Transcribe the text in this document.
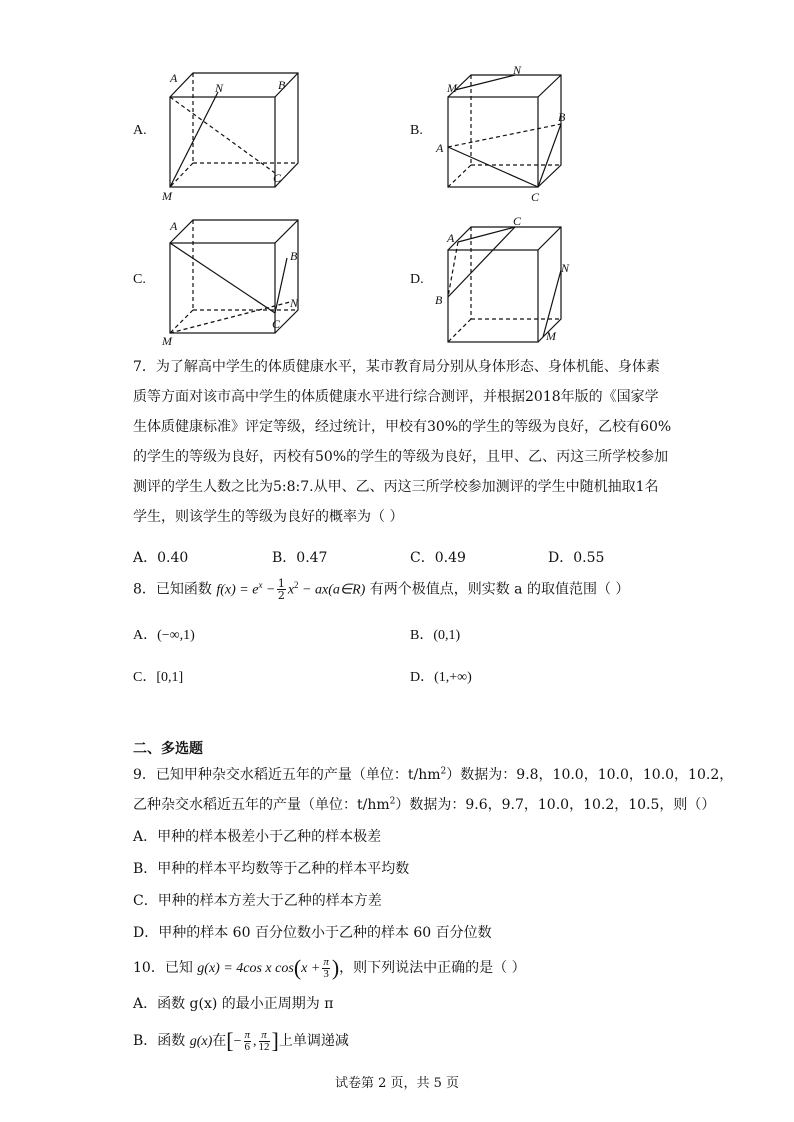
A.
A	B
N
M
C
B.
M
N
B
A
C
C.
A
B
N
M
C
D.
A
C
N
B
M
7．为了解高中学生的体质健康水平，某市教育局分别从身体形态、身体机能、身体素
质等方面对该市高中学生的体质健康水平进行综合测评，并根据2018年版的《国家学
生体质健康标准》评定等级，经过统计，甲校有30%的学生的等级为良好，乙校有60%
的学生的等级为良好，丙校有50%的学生的等级为良好，且甲、乙、丙这三所学校参加
测评的学生人数之比为5:8:7.从甲、乙、丙这三所学校参加测评的学生中随机抽取1名
学生，则该学生的等级为良好的概率为（ ）
A．0.40	B．0.47	C．0.49	D．0.55
8．已知函数 $f(x) = e^x - \frac{1}{2} x^2$ − ax(a∈R) 有两个极值点，则实数 a 的取值范围（ ）
A．(−∞,1)	B．(0,1)
C．[0,1]	D．(1,+∞)
二、多选题
9．已知甲种杂交水稻近五年的产量（单位：$t/hm^2$）数据为：9.8，10.0，10.0，10.0，10.2，
乙种杂交水稻近五年的产量（单位：$t/hm^2$）数据为：9.6，9.7，10.0，10.2，10.5，则（）
A．甲种的样本极差小于乙种的样本极差
B．甲种的样本平均数等于乙种的样本平均数
C．甲种的样本方差大于乙种的样本方差
D．甲种的样本 60 百分位数小于乙种的样本 60 百分位数
10．已知 g(x) = 4cos x $\cos(x + \frac{\pi}{3}$ )，则下列说法中正确的是（ ）
A．函数 g(x) 的最小正周期为 π
B．函数 g(x)在[− $\frac{\pi}{6}$ , $\frac{\pi}{12}$ ]上单调递减
试卷第 2 页，共 5 页
